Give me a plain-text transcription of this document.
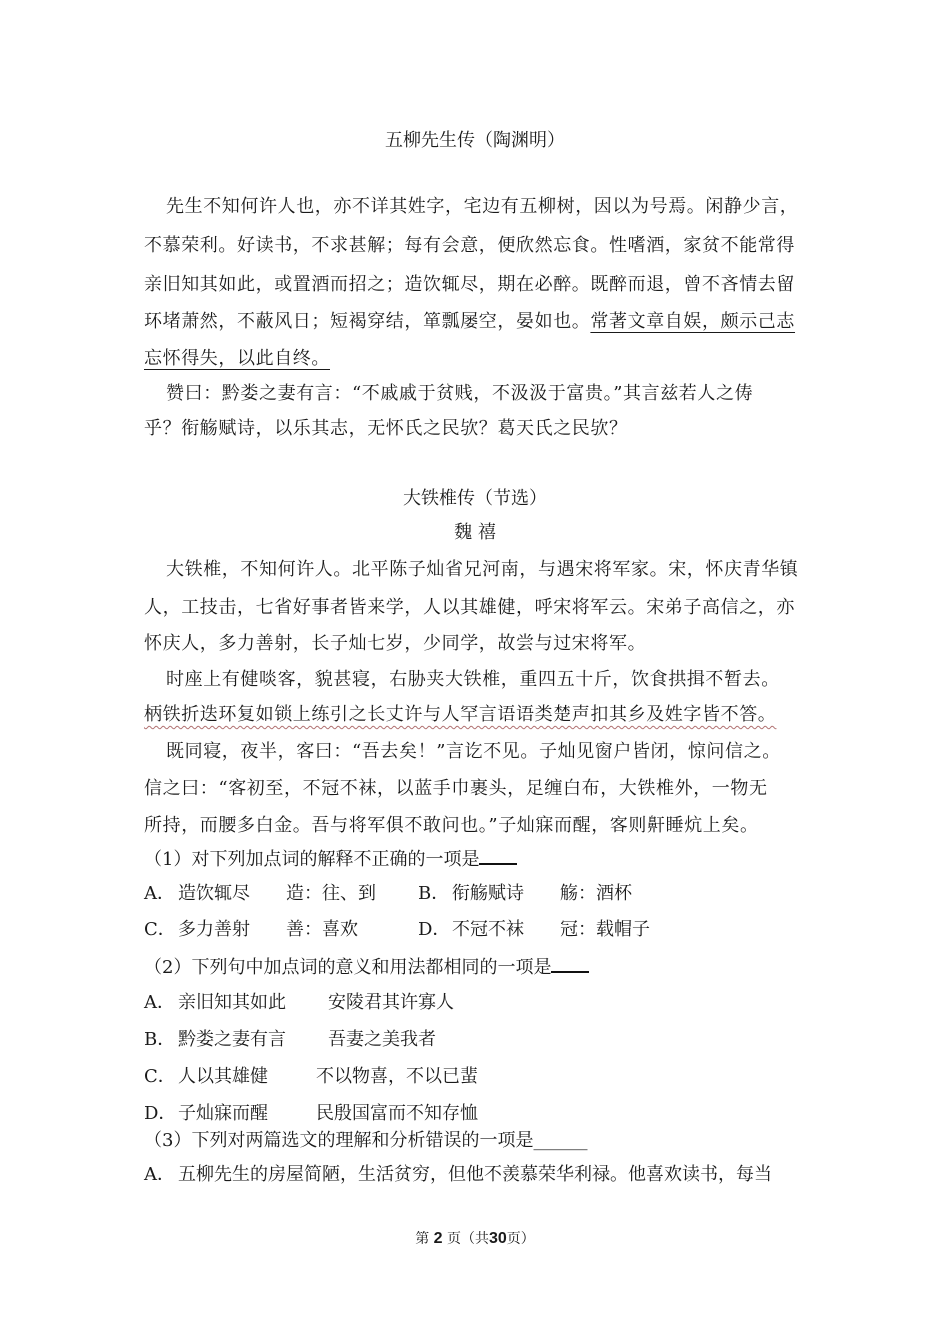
五柳先生传（陶渊明）
先生不知何许人也，亦不详其姓字，宅边有五柳树，因以为号焉。闲静少言，
不慕荣利。好读书，不求甚解；每有会意，便欣然忘食。性嗜酒，家贫不能常得
亲旧知其如此，或置酒而招之；造饮辄尽，期在必醉。既醉而退，曾不吝情去留
环堵萧然，不蔽风日；短褐穿结，箪瓢屡空，晏如也。常著文章自娱，颇示己志
忘怀得失，以此自终。
赞曰：黔娄之妻有言：“不戚戚于贫贱，不汲汲于富贵。”其言兹若人之俦
乎？衔觞赋诗，以乐其志，无怀氏之民欤？葛天氏之民欤？
大铁椎传（节选）
魏 禧
大铁椎，不知何许人。北平陈子灿省兄河南，与遇宋将军家。宋，怀庆青华镇
人，工技击，七省好事者皆来学，人以其雄健，呼宋将军云。宋弟子高信之，亦
怀庆人，多力善射，长子灿七岁，少同学，故尝与过宋将军。
时座上有健啖客，貌甚寝，右胁夹大铁椎，重四五十斤，饮食拱揖不暂去。
柄铁折迭环复如锁上练引之长丈许与人罕言语语类楚声扣其乡及姓字皆不答。
既同寝，夜半，客曰：“吾去矣！”言讫不见。子灿见窗户皆闭，惊问信之。
信之曰：“客初至，不冠不袜，以蓝手巾裹头，足缠白布，大铁椎外，一物无
所持，而腰多白金。吾与将军俱不敢问也。”子灿寐而醒，客则鼾睡炕上矣。
（1）对下列加点词的解释不正确的一项是
A． 造饮辄尽 造：往、到 B． 衔觞赋诗 觞：酒杯
C． 多力善射 善：喜欢	D．不冠不袜 冠：载帽子
（2）下列句中加点词的意义和用法都相同的一项是
A． 亲旧知其如此 安陵君其许寡人
B． 黔娄之妻有言 吾妻之美我者
C． 人以其雄健	不以物喜，不以已蜚
D．子灿寐而醒	民殷国富而不知存恤
（3）下列对两篇选文的理解和分析错误的一项是______
A． 五柳先生的房屋简陋，生活贫穷，但他不羡慕荣华利禄。他喜欢读书，每当
第 2 页（共30页）
